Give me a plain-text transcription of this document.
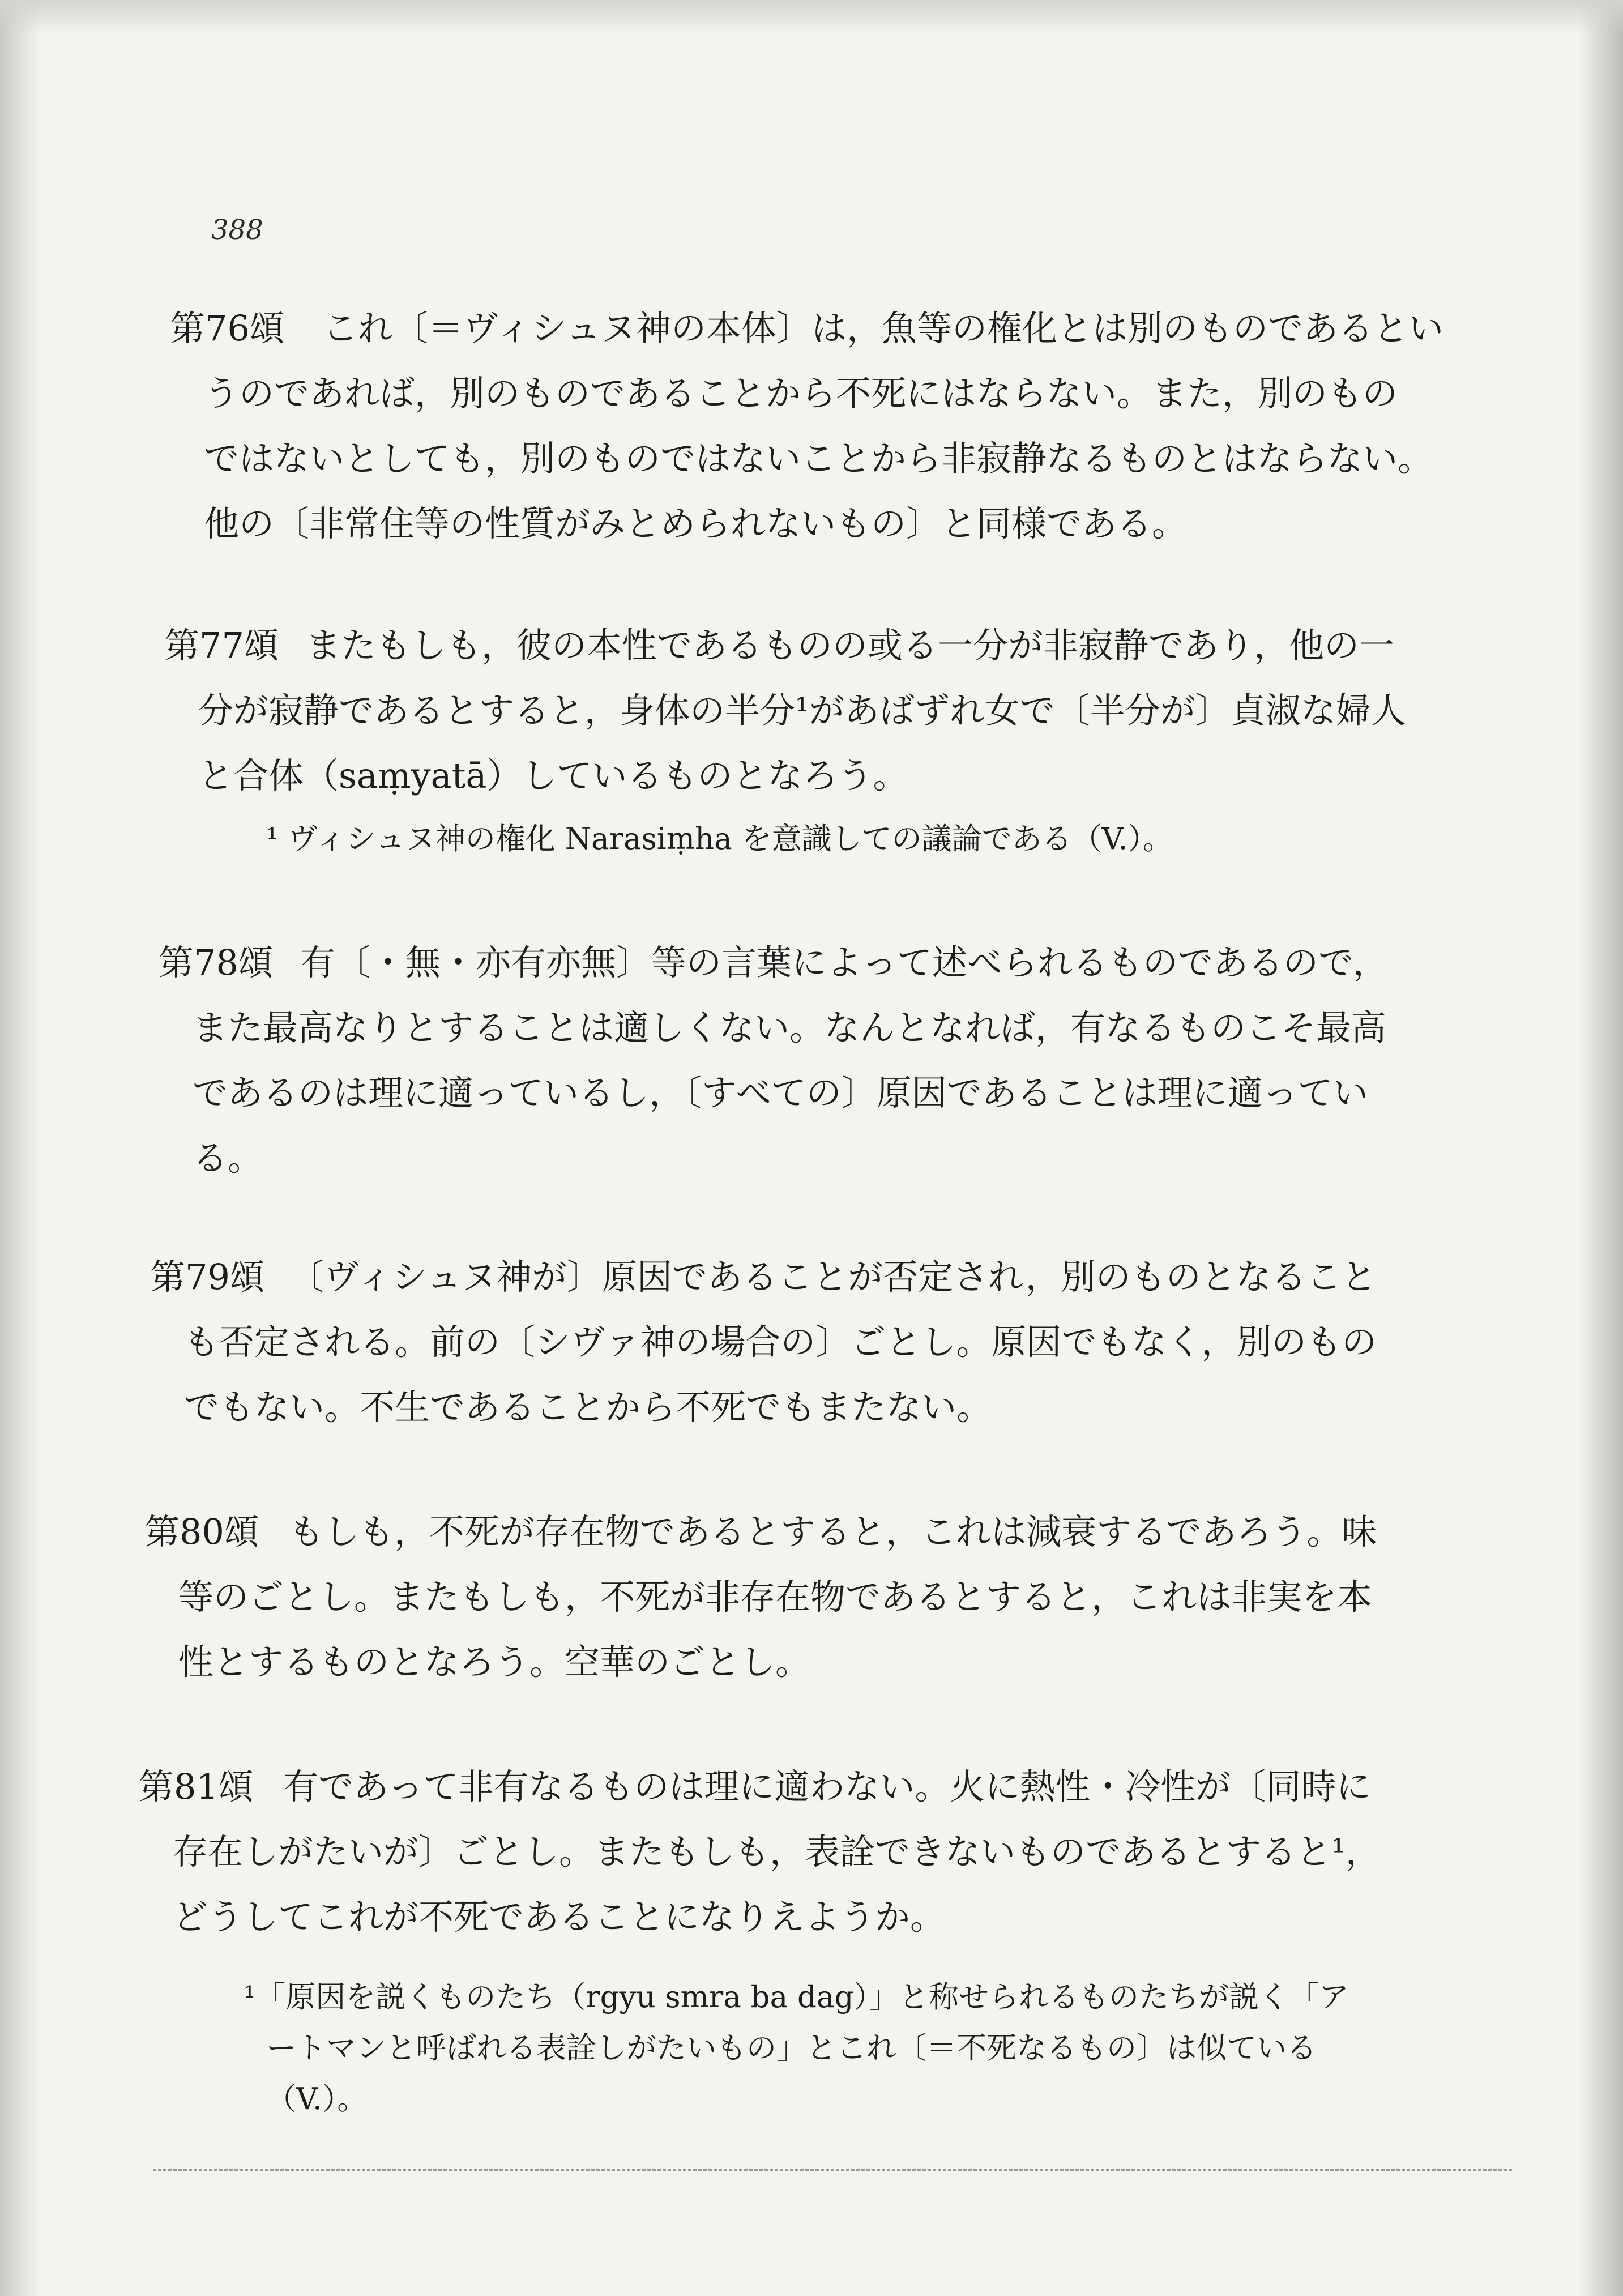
388
第76頌 これ〔＝ヴィシュヌ神の本体〕は，魚等の権化とは別のものであるとい
うのであれば，別のものであることから不死にはならない。また，別のもの
ではないとしても，別のものではないことから非寂静なるものとはならない。
他の〔非常住等の性質がみとめられないもの〕と同様である。
第77頌 またもしも，彼の本性であるものの或る一分が非寂静であり，他の一
分が寂静であるとすると，身体の半分¹があばずれ女で〔半分が〕貞淑な婦人
と合体（saṃyatā）しているものとなろう。
¹ ヴィシュヌ神の権化 Narasiṃha を意識しての議論である（V.）。
第78頌 有〔・無・亦有亦無〕等の言葉によって述べられるものであるので，
また最高なりとすることは適しくない。なんとなれば，有なるものこそ最高
であるのは理に適っているし，〔すべての〕原因であることは理に適ってい
る。
第79頌 〔ヴィシュヌ神が〕原因であることが否定され，別のものとなること
も否定される。前の〔シヴァ神の場合の〕ごとし。原因でもなく，別のもの
でもない。不生であることから不死でもまたない。
第80頌 もしも，不死が存在物であるとすると，これは減衰するであろう。味
等のごとし。またもしも，不死が非存在物であるとすると，これは非実を本
性とするものとなろう。空華のごとし。
第81頌 有であって非有なるものは理に適わない。火に熱性・冷性が〔同時に
存在しがたいが〕ごとし。またもしも，表詮できないものであるとすると¹，
どうしてこれが不死であることになりえようか。
¹「原因を説くものたち（rgyu smra ba dag）」と称せられるものたちが説く「ア
ートマンと呼ばれる表詮しがたいもの」とこれ〔＝不死なるもの〕は似ている
（V.）。
